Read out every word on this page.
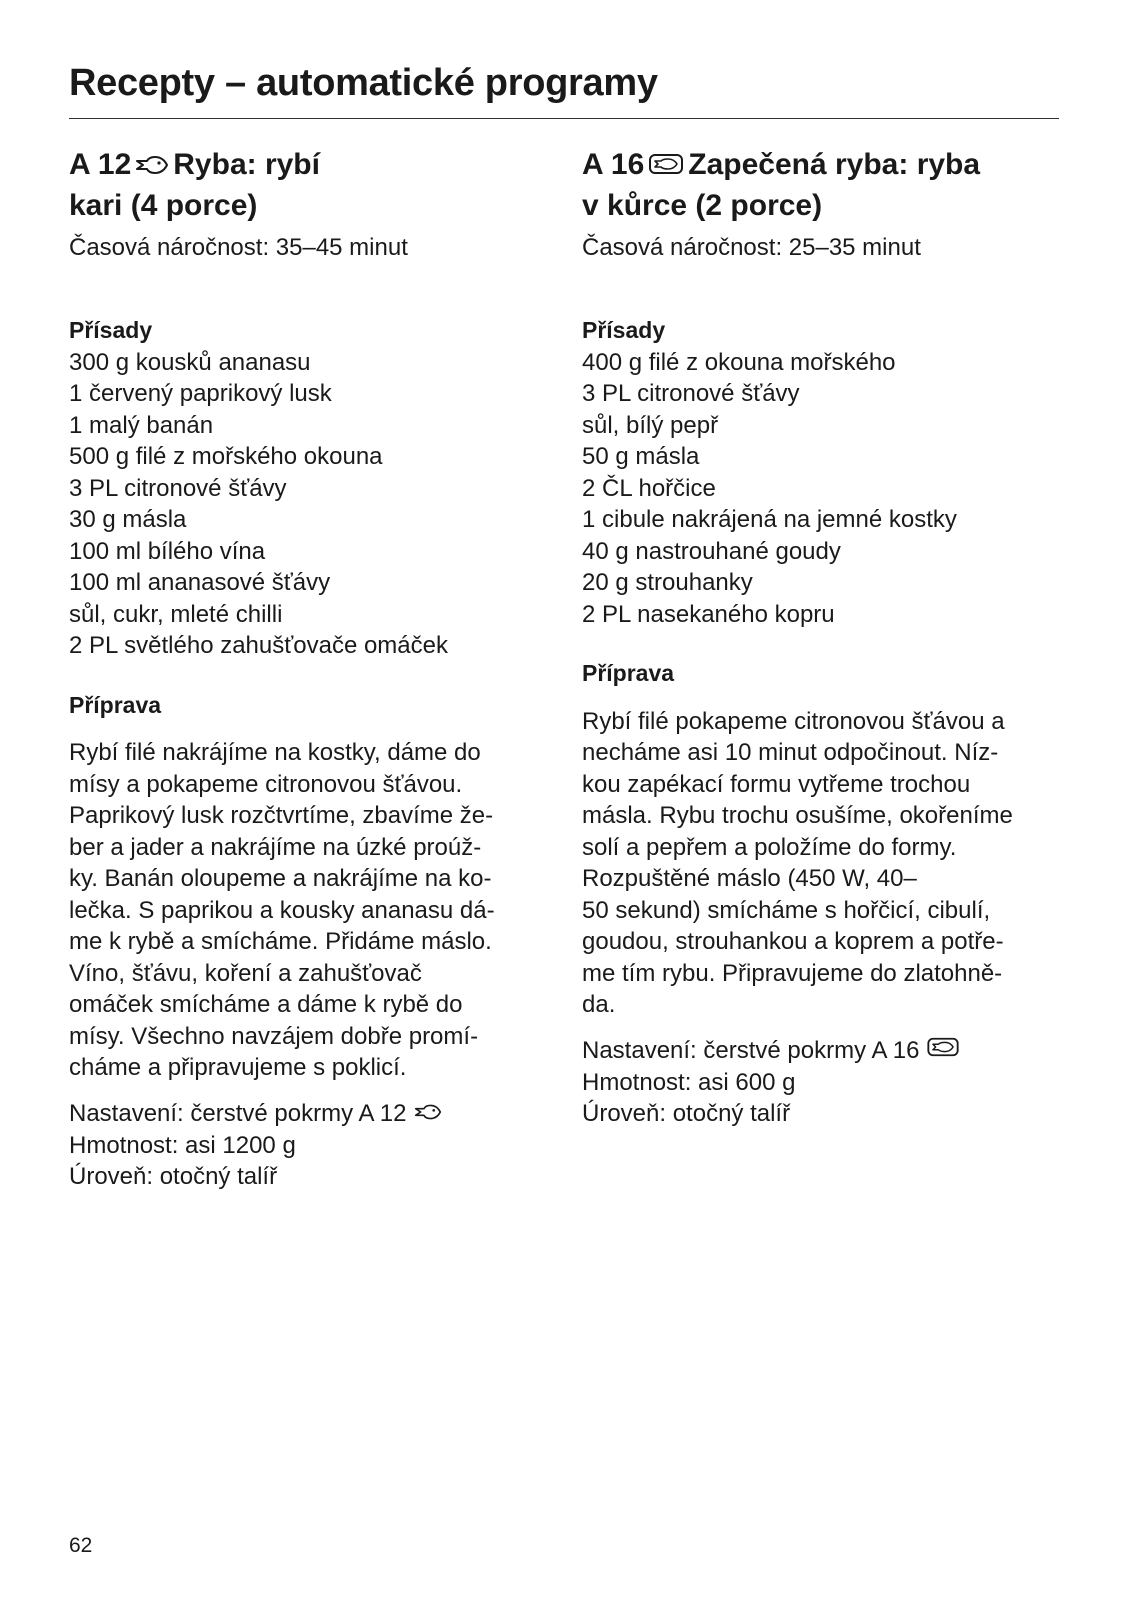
Recepty – automatické programy
A 12 Ryba: rybí
kari (4 porce)
Časová náročnost: 35–45 minut
Přísady
300 g kousků ananasu
1 červený paprikový lusk
1 malý banán
500 g filé z mořského okouna
3 PL citronové šťávy
30 g másla
100 ml bílého vína
100 ml ananasové šťávy
sůl, cukr, mleté chilli
2 PL světlého zahušťovače omáček
Příprava
Rybí filé nakrájíme na kostky, dáme do
mísy a pokapeme citronovou šťávou.
Paprikový lusk rozčtvrtíme, zbavíme že-
ber a jader a nakrájíme na úzké proúž-
ky. Banán oloupeme a nakrájíme na ko-
lečka. S paprikou a kousky ananasu dá-
me k rybě a smícháme. Přidáme máslo.
Víno, šťávu, koření a zahušťovač
omáček smícháme a dáme k rybě do
mísy. Všechno navzájem dobře promí-
cháme a připravujeme s poklicí.
Nastavení: čerstvé pokrmy A 12
Hmotnost: asi 1200 g
Úroveň: otočný talíř
A 16 Zapečená ryba: ryba
v kůrce (2 porce)
Časová náročnost: 25–35 minut
Přísady
400 g filé z okouna mořského
3 PL citronové šťávy
sůl, bílý pepř
50 g másla
2 ČL hořčice
1 cibule nakrájená na jemné kostky
40 g nastrouhané goudy
20 g strouhanky
2 PL nasekaného kopru
Příprava
Rybí filé pokapeme citronovou šťávou a
necháme asi 10 minut odpočinout. Níz-
kou zapékací formu vytřeme trochou
másla. Rybu trochu osušíme, okořeníme
solí a pepřem a položíme do formy.
Rozpuštěné máslo (450 W, 40–
50 sekund) smícháme s hořčicí, cibulí,
goudou, strouhankou a koprem a potře-
me tím rybu. Připravujeme do zlatohně-
da.
Nastavení: čerstvé pokrmy A 16
Hmotnost: asi 600 g
Úroveň: otočný talíř
62
